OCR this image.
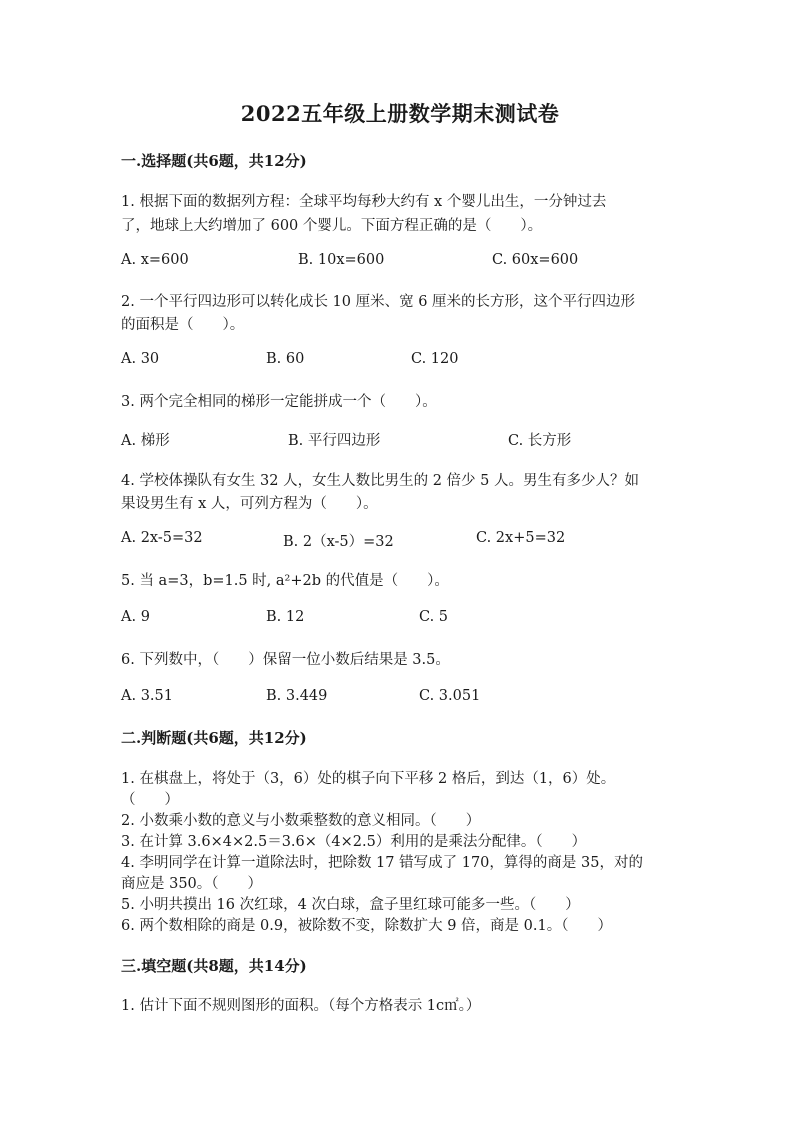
2022五年级上册数学期末测试卷
一.选择题(共6题，共12分)
1. 根据下面的数据列方程：全球平均每秒大约有 x 个婴儿出生，一分钟过去
了，地球上大约增加了 600 个婴儿。下面方程正确的是（　　）。
A. x=600	B. 10x=600	C. 60x=600
2. 一个平行四边形可以转化成长 10 厘米、宽 6 厘米的长方形，这个平行四边形
的面积是（　　）。
A. 30	B. 60	C. 120
3. 两个完全相同的梯形一定能拼成一个（　　）。
A. 梯形	B. 平行四边形	C. 长方形
4. 学校体操队有女生 32 人，女生人数比男生的 2 倍少 5 人。男生有多少人？如
果设男生有 x 人，可列方程为（　　）。
A. 2x-5=32	B. 2（x-5）=32	C. 2x+5=32
5. 当 a=3，b=1.5 时, a²+2b 的代值是（　　）。
A. 9	B. 12	C. 5
6. 下列数中，（　　）保留一位小数后结果是 3.5。
A. 3.51	B. 3.449	C. 3.051
二.判断题(共6题，共12分)
1. 在棋盘上，将处于（3，6）处的棋子向下平移 2 格后，到达（1，6）处。
（　　）
2. 小数乘小数的意义与小数乘整数的意义相同。（　　）
3. 在计算 3.6×4×2.5＝3.6×（4×2.5）利用的是乘法分配律。（　　）
4. 李明同学在计算一道除法时，把除数 17 错写成了 170，算得的商是 35，对的
商应是 350。（　　）
5. 小明共摸出 16 次红球，4 次白球，盒子里红球可能多一些。（　　）
6. 两个数相除的商是 0.9，被除数不变，除数扩大 9 倍，商是 0.1。（　　）
三.填空题(共8题，共14分)
1. 估计下面不规则图形的面积。（每个方格表示 1c㎡。）
